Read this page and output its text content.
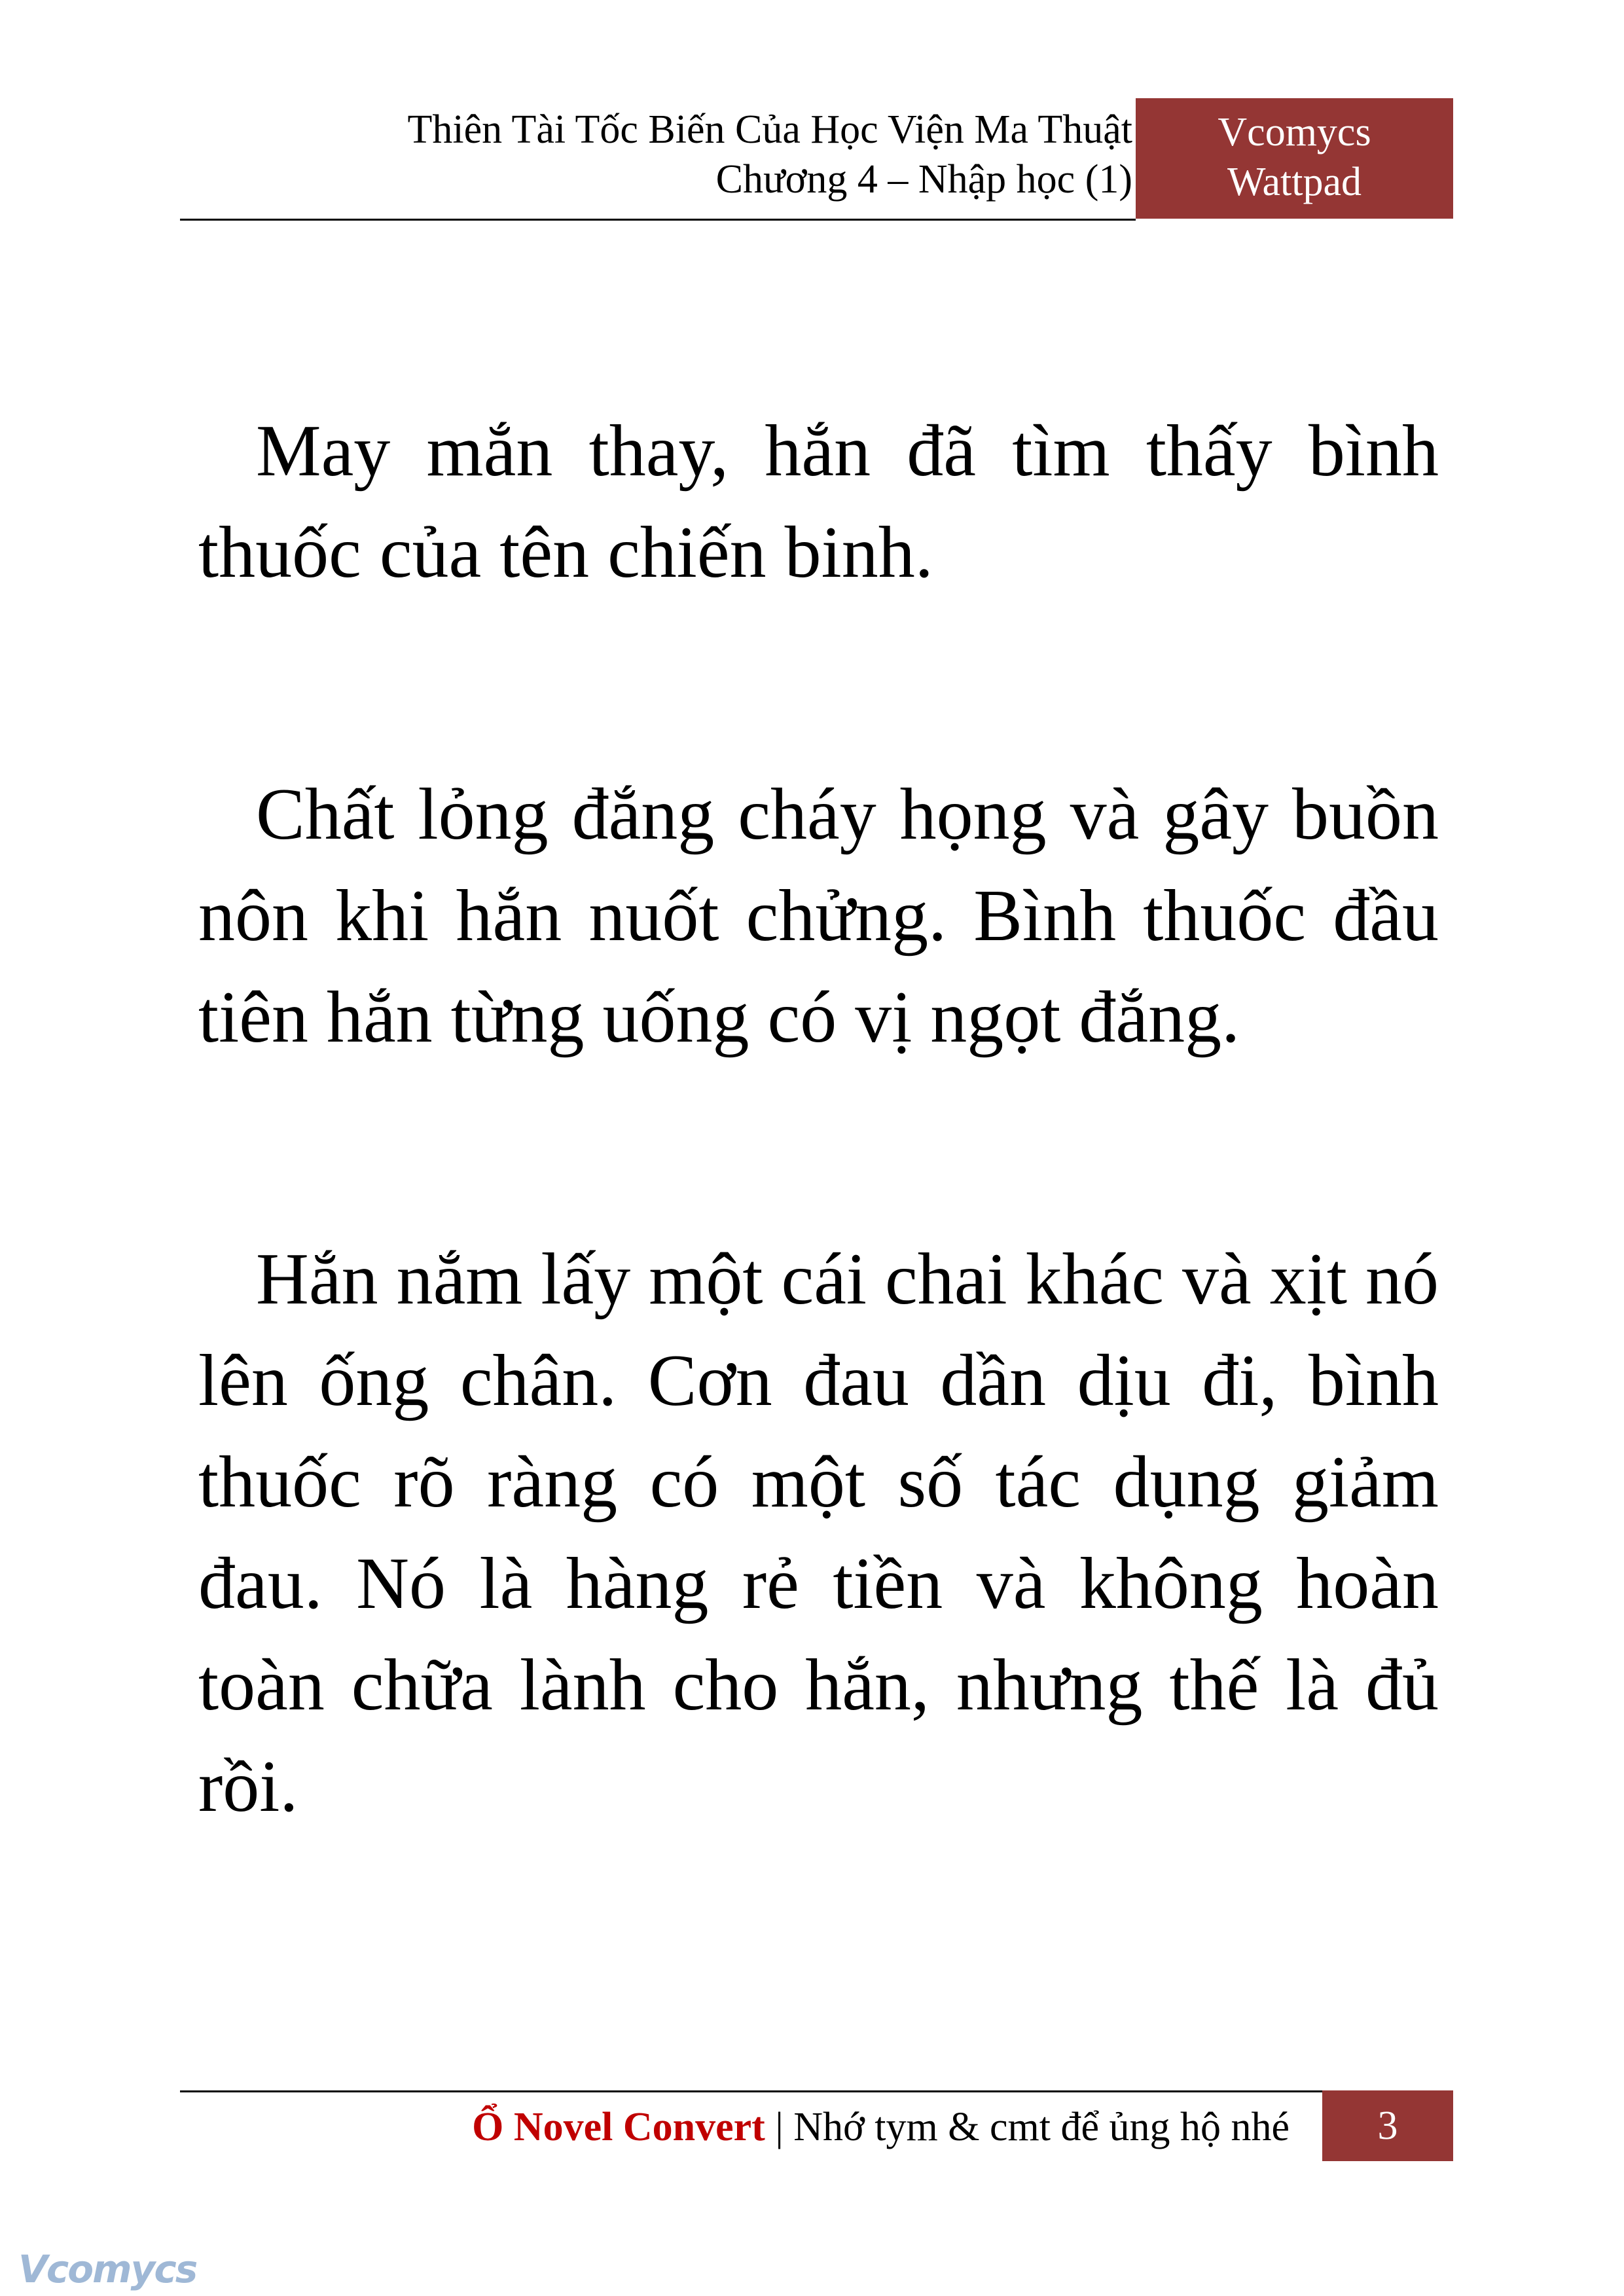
Thiên Tài Tốc Biến Của Học Viện Ma Thuật
Chương 4 – Nhập học (1)
Vcomycs
Wattpad

May mắn thay, hắn đã tìm thấy bình thuốc của tên chiến binh.

Chất lỏng đắng cháy họng và gây buồn nôn khi hắn nuốt chửng. Bình thuốc đầu tiên hắn từng uống có vị ngọt đắng.

Hắn nắm lấy một cái chai khác và xịt nó lên ống chân. Cơn đau dần dịu đi, bình thuốc rõ ràng có một số tác dụng giảm đau. Nó là hàng rẻ tiền và không hoàn toàn chữa lành cho hắn, nhưng thế là đủ rồi.

Ổ Novel Convert | Nhớ tym & cmt để ủng hộ nhé	3
Vcomycs
